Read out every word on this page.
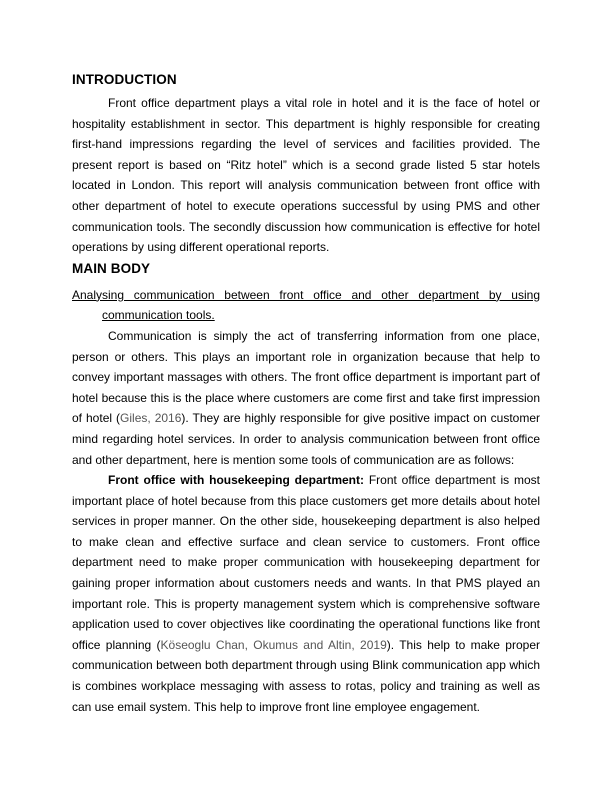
INTRODUCTION

Front office department plays a vital role in hotel and it is the face of hotel or hospitality establishment in sector. This department is highly responsible for creating first-hand impressions regarding the level of services and facilities provided. The present report is based on “Ritz hotel” which is a second grade listed 5 star hotels located in London. This report will analysis communication between front office with other department of hotel to execute operations successful by using PMS and other communication tools. The secondly discussion how communication is effective for hotel operations by using different operational reports.

MAIN BODY

Analysing communication between front office and other department by using communication tools.

Communication is simply the act of transferring information from one place, person or others. This plays an important role in organization because that help to convey important massages with others. The front office department is important part of hotel because this is the place where customers are come first and take first impression of hotel (Giles, 2016). They are highly responsible for give positive impact on customer mind regarding hotel services. In order to analysis communication between front office and other department, here is mention some tools of communication are as follows:

Front office with housekeeping department: Front office department is most important place of hotel because from this place customers get more details about hotel services in proper manner. On the other side, housekeeping department is also helped to make clean and effective surface and clean service to customers. Front office department need to make proper communication with housekeeping department for gaining proper information about customers needs and wants. In that PMS played an important role. This is property management system which is comprehensive software application used to cover objectives like coordinating the operational functions like front office planning (Köseoglu Chan, Okumus and Altin, 2019). This help to make proper communication between both department through using Blink communication app which is combines workplace messaging with assess to rotas, policy and training as well as can use email system. This help to improve front line employee engagement.
